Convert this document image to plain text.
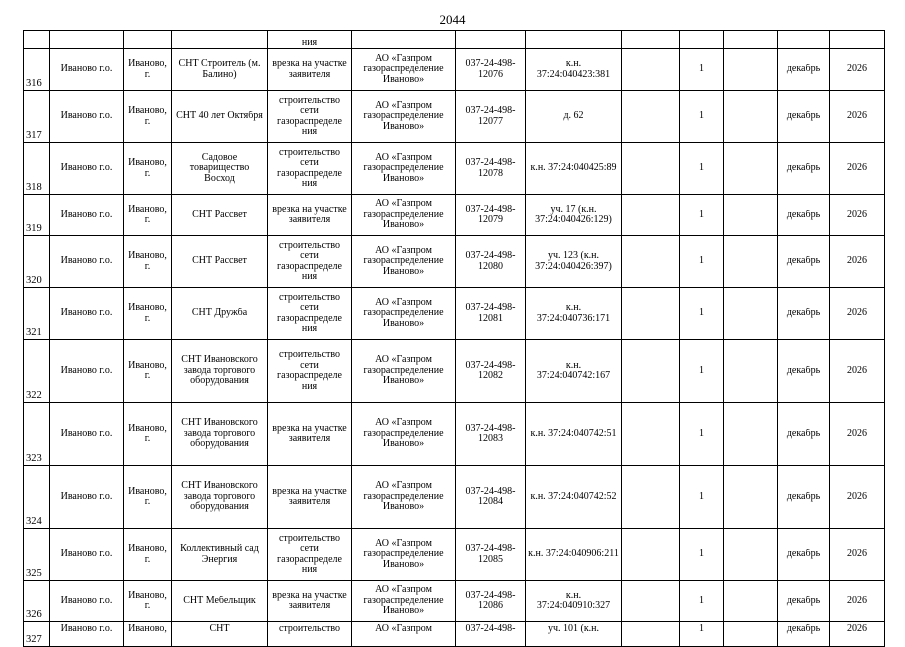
2044
				ния								

316	Иваново г.о.	Иваново, г.	СНТ Строитель (м. Балино)	врезка на участке заявителя	АО «Газпром газораспределение Иваново»	037-24-498-12076	к.н. 37:24:040423:381		1		декабрь	2026

317	Иваново г.о.	Иваново, г.	СНТ 40 лет Октября	строительство сети газораспределе ния	АО «Газпром газораспределение Иваново»	037-24-498-12077	д. 62		1		декабрь	2026

318	Иваново г.о.	Иваново, г.	Садовое товарищество Восход	строительство сети газораспределе ния	АО «Газпром газораспределение Иваново»	037-24-498-12078	к.н. 37:24:040425:89		1		декабрь	2026

319	Иваново г.о.	Иваново, г.	СНТ Рассвет	врезка на участке заявителя	АО «Газпром газораспределение Иваново»	037-24-498-12079	уч. 17 (к.н. 37:24:040426:129)		1		декабрь	2026

320	Иваново г.о.	Иваново, г.	СНТ Рассвет	строительство сети газораспределе ния	АО «Газпром газораспределение Иваново»	037-24-498-12080	уч. 123 (к.н. 37:24:040426:397)		1		декабрь	2026

321	Иваново г.о.	Иваново, г.	СНТ Дружба	строительство сети газораспределе ния	АО «Газпром газораспределение Иваново»	037-24-498-12081	к.н. 37:24:040736:171		1		декабрь	2026

322	Иваново г.о.	Иваново, г.	СНТ Ивановского завода торгового оборудования	строительство сети газораспределе ния	АО «Газпром газораспределение Иваново»	037-24-498-12082	к.н. 37:24:040742:167		1		декабрь	2026

323	Иваново г.о.	Иваново, г.	СНТ Ивановского завода торгового оборудования	врезка на участке заявителя	АО «Газпром газораспределение Иваново»	037-24-498-12083	к.н. 37:24:040742:51		1		декабрь	2026

324	Иваново г.о.	Иваново, г.	СНТ Ивановского завода торгового оборудования	врезка на участке заявителя	АО «Газпром газораспределение Иваново»	037-24-498-12084	к.н. 37:24:040742:52		1		декабрь	2026

325	Иваново г.о.	Иваново, г.	Коллективный сад Энергия	строительство сети газораспределе ния	АО «Газпром газораспределение Иваново»	037-24-498-12085	к.н. 37:24:040906:211		1		декабрь	2026

326	Иваново г.о.	Иваново, г.	СНТ Мебельщик	врезка на участке заявителя	АО «Газпром газораспределение Иваново»	037-24-498-12086	к.н. 37:24:040910:327		1		декабрь	2026

327	Иваново г.о.	Иваново,	СНТ	строительство	АО «Газпром	037-24-498-	уч. 101 (к.н.		1		декабрь	2026
